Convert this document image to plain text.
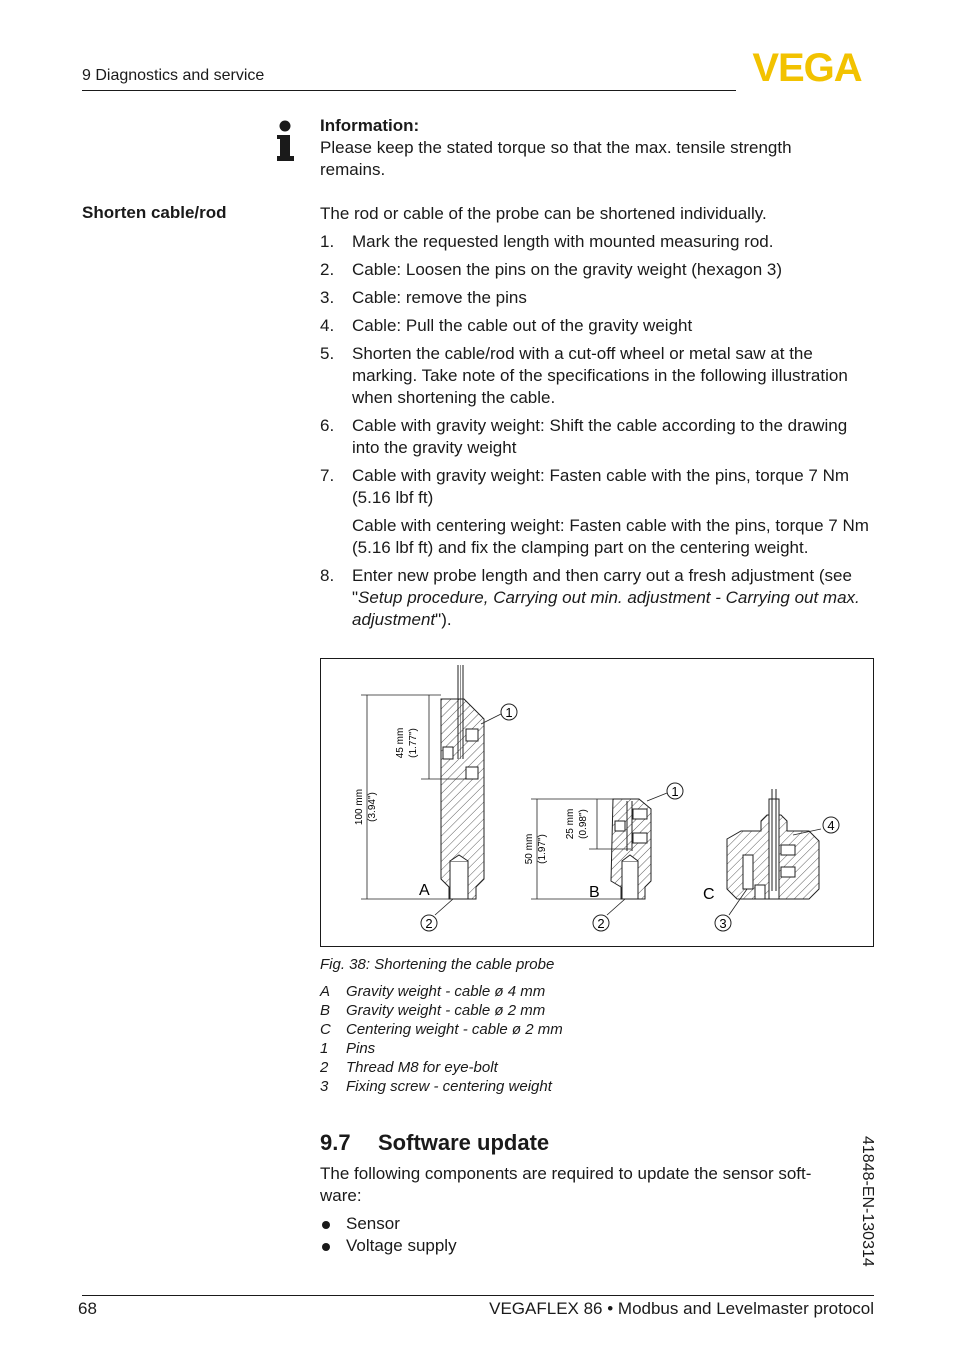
9 Diagnostics and service	VEGA
Information:
Please keep the stated torque so that the max. tensile strength remains.
Shorten cable/rod	The rod or cable of the probe can be shortened individually.
1. Mark the requested length with mounted measuring rod.
2. Cable: Loosen the pins on the gravity weight (hexagon 3)
3. Cable: remove the pins
4. Cable: Pull the cable out of the gravity weight
5. Shorten the cable/rod with a cut-off wheel or metal saw at the marking. Take note of the specifications in the following illustration when shortening the cable.
6. Cable with gravity weight: Shift the cable according to the drawing into the gravity weight
7. Cable with gravity weight: Fasten cable with the pins, torque 7 Nm (5.16 lbf ft)
Cable with centering weight: Fasten cable with the pins, torque 7 Nm (5.16 lbf ft) and fix the clamping part on the centering weight.
8. Enter new probe length and then carry out a fresh adjustment (see "Setup procedure, Carrying out min. adjustment - Carrying out max. adjustment").
100 mm (3.94")
45 mm (1.77")
A
1
2
50 mm (1.97")
25 mm (0.98")
B
1
2
C
4
3
Fig. 38: Shortening the cable probe
A Gravity weight - cable ø 4 mm
B Gravity weight - cable ø 2 mm
C Centering weight - cable ø 2 mm
1 Pins
2 Thread M8 for eye-bolt
3 Fixing screw - centering weight
9.7 Software update
The following components are required to update the sensor soft-ware:
Sensor
Voltage supply	41848-EN-130314
68	VEGAFLEX 86 • Modbus and Levelmaster protocol
